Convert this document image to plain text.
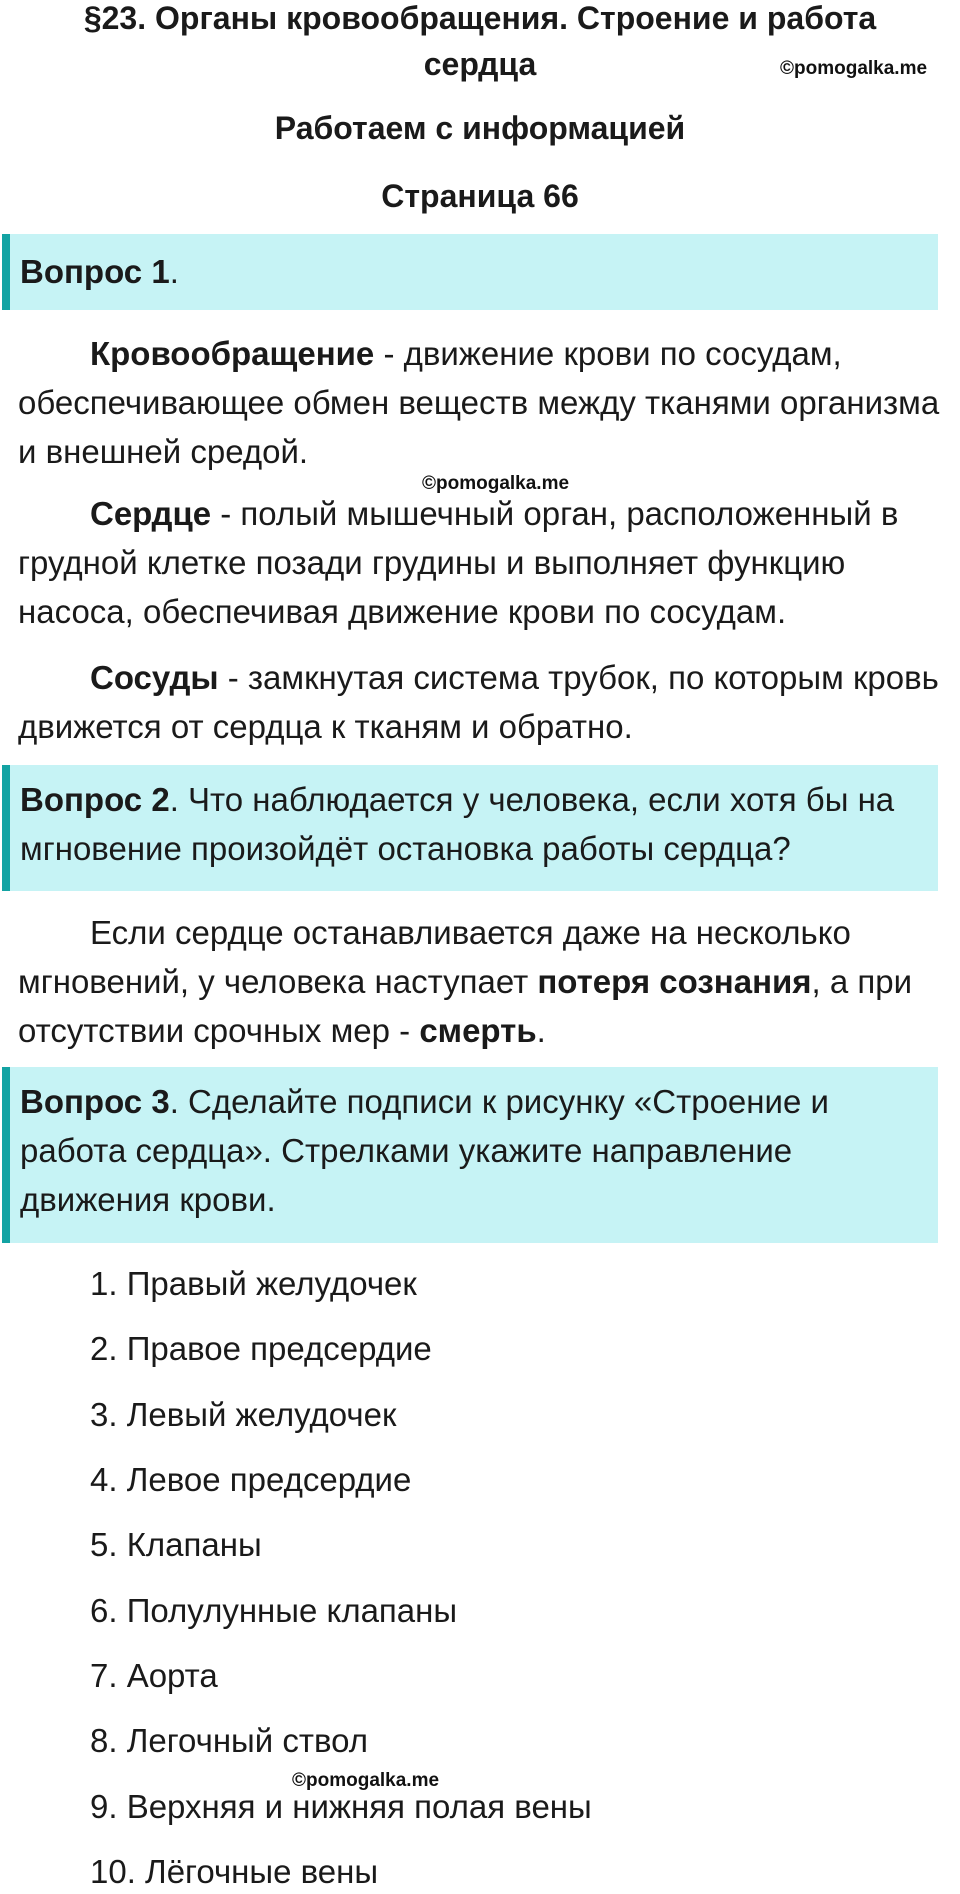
§23. Органы кровообращения. Строение и работа
сердца	©pomogalka.me
Работаем с информацией
Страница 66
Вопрос 1.
Кровообращение - движение крови по сосудам, обеспечивающее обмен веществ между тканями организма и внешней средой.
©pomogalka.me
Сердце - полый мышечный орган, расположенный в грудной клетке позади грудины и выполняет функцию насоса, обеспечивая движение крови по сосудам.
Сосуды - замкнутая система трубок, по которым кровь движется от сердца к тканям и обратно.
Вопрос 2. Что наблюдается у человека, если хотя бы на мгновение произойдёт остановка работы сердца?
Если сердце останавливается даже на несколько мгновений, у человека наступает потеря сознания, а при отсутствии срочных мер - смерть.
Вопрос 3. Сделайте подписи к рисунку «Строение и работа сердца». Стрелками укажите направление движения крови.
1. Правый желудочек
2. Правое предсердие
3. Левый желудочек
4. Левое предсердие
5. Клапаны
6. Полулунные клапаны
7. Аорта
8. Легочный ствол
©pomogalka.me
9. Верхняя и нижняя полая вены
10. Лёгочные вены
